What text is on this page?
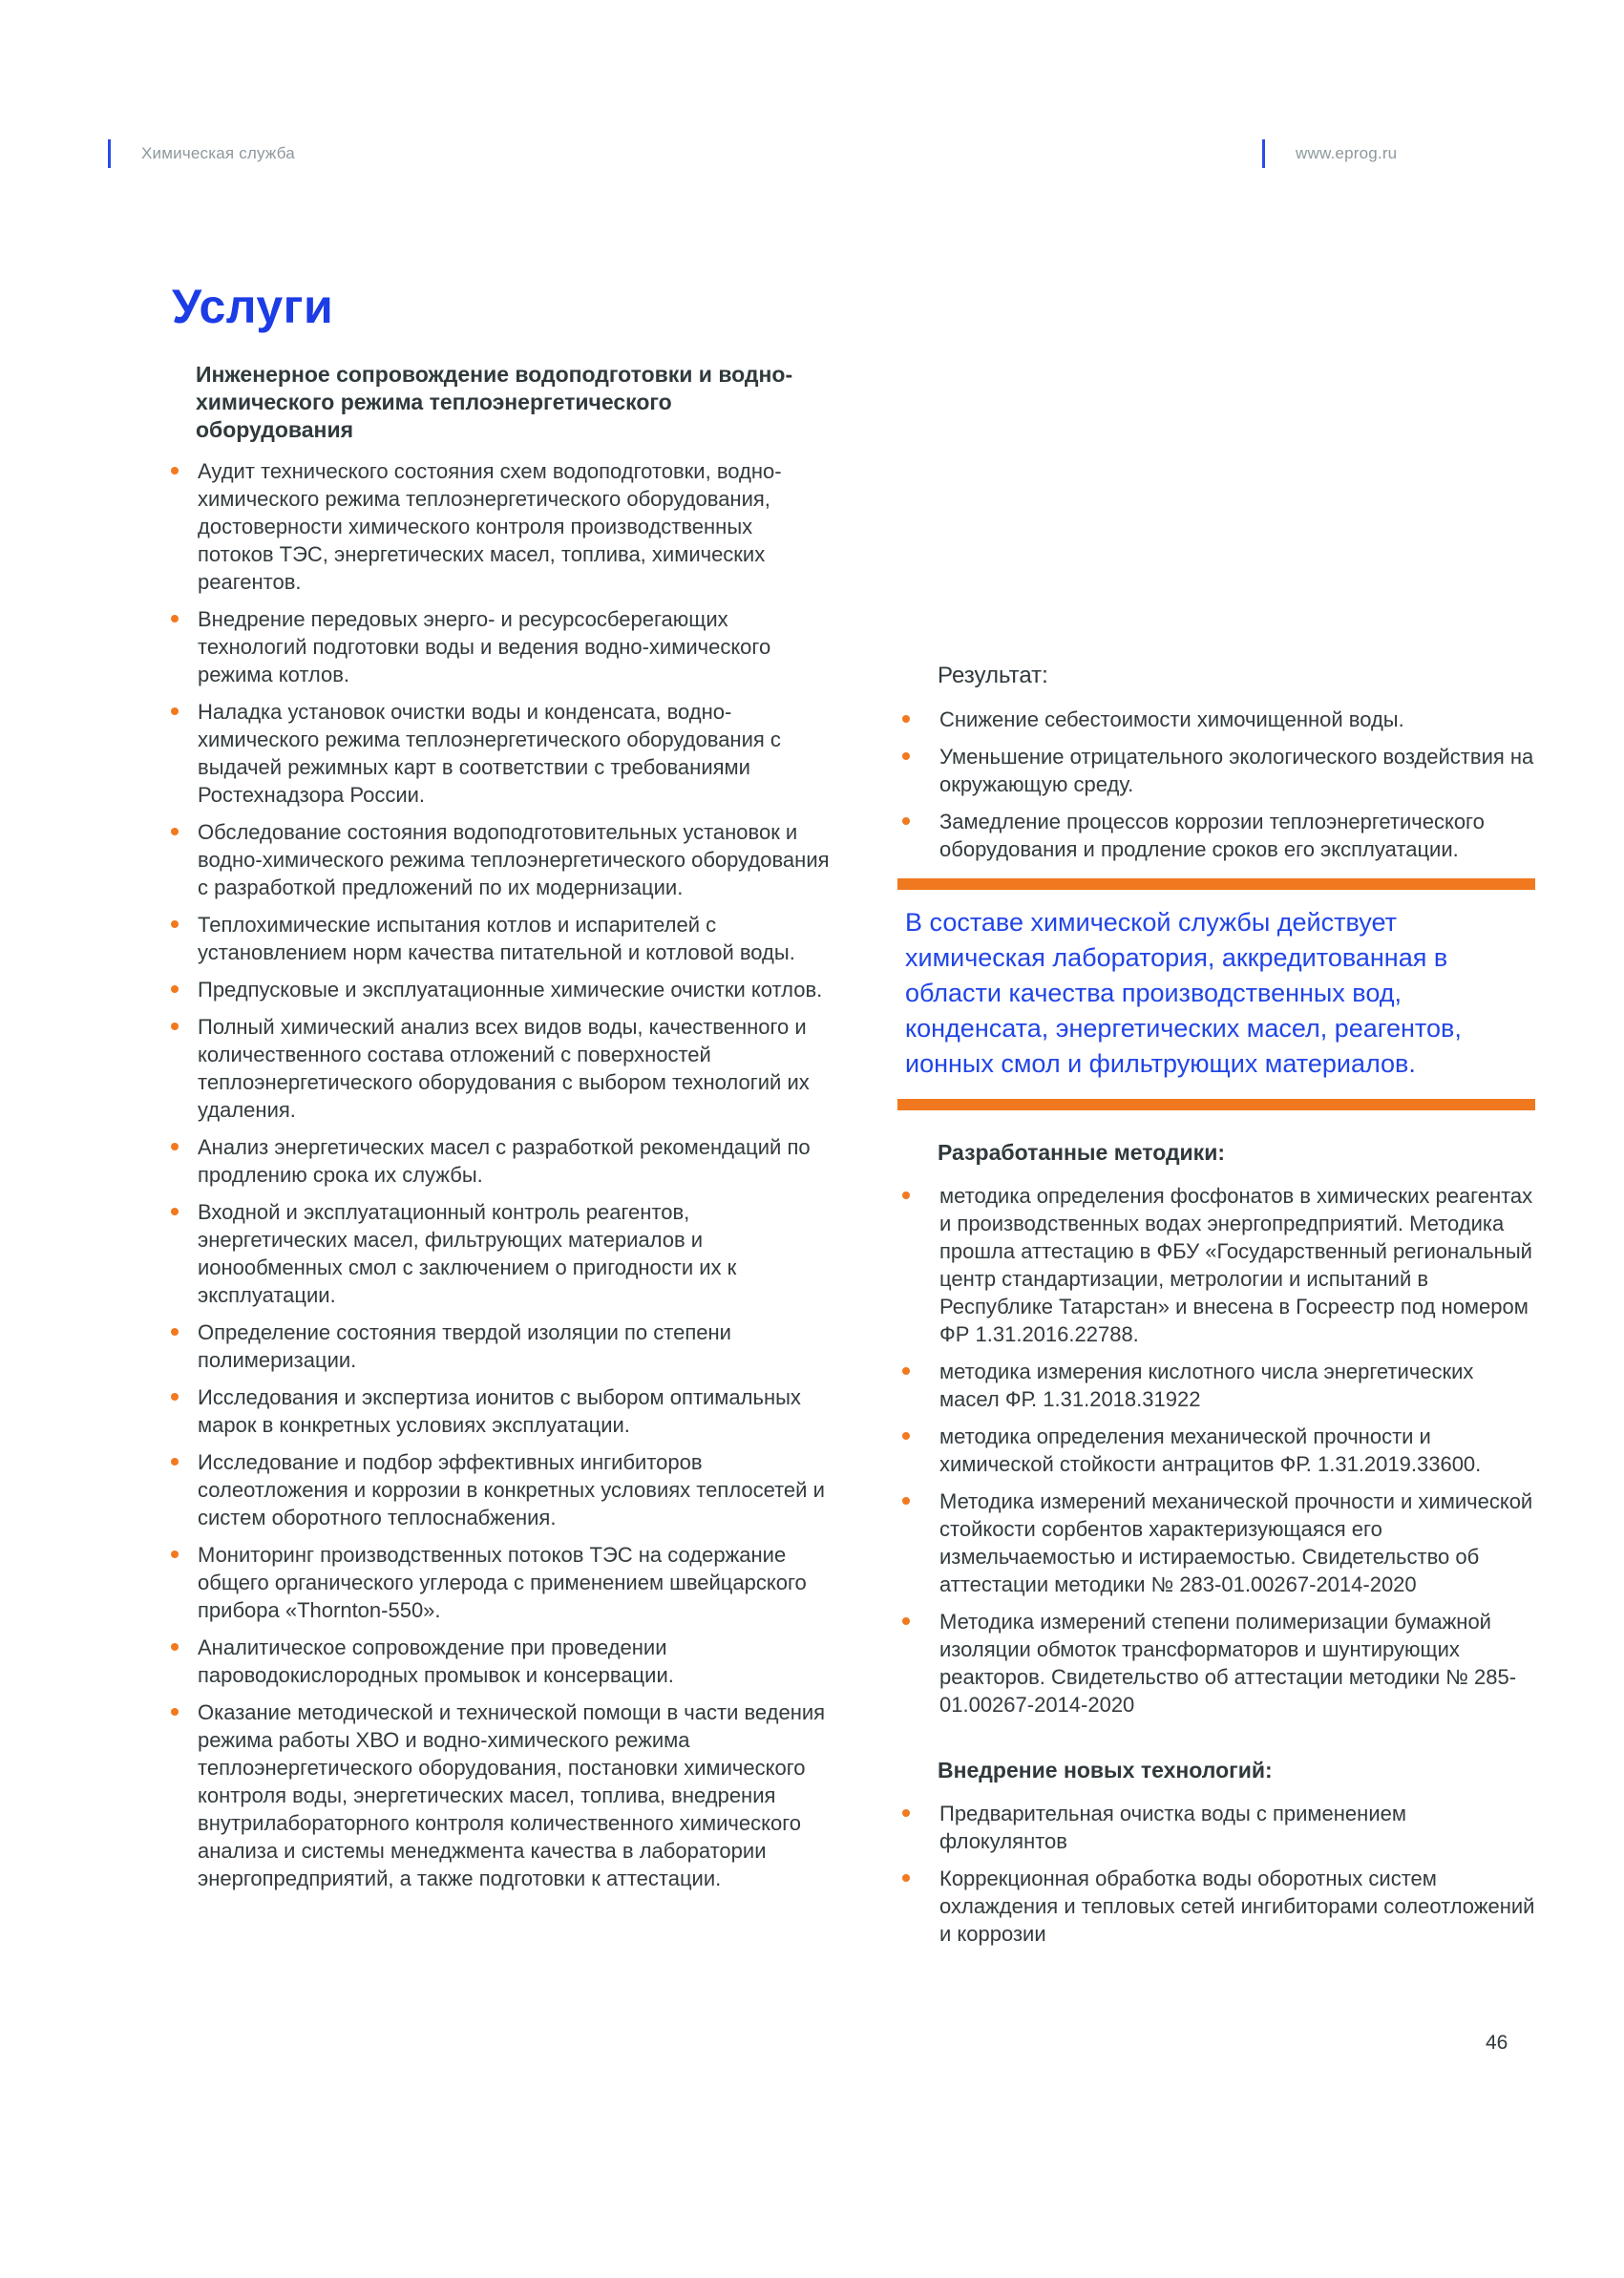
Химическая служба	www.eprog.ru
Услуги
Инженерное сопровождение водоподготовки и водно-химического режима теплоэнергетического оборудования
Аудит технического состояния схем водоподготовки, водно-химического режима теплоэнергетического оборудования, достоверности химического контроля производственных потоков ТЭС, энергетических масел, топлива, химических реагентов.
Внедрение передовых энерго- и ресурсосберегающих технологий подготовки воды и ведения водно-химического режима котлов.
Наладка установок очистки воды и конденсата, водно-химического режима теплоэнергетического оборудования с выдачей режимных карт в соответствии с требованиями Ростехнадзора России.
Обследование состояния водоподготовительных установок и водно-химического режима теплоэнергетического оборудования с разработкой предложений по их модернизации.
Теплохимические испытания котлов и испарителей с установлением норм качества питательной и котловой воды.
Предпусковые и эксплуатационные химические очистки котлов.
Полный химический анализ всех видов воды, качественного и количественного состава отложений с поверхностей теплоэнергетического оборудования с выбором технологий их удаления.
Анализ энергетических масел с разработкой рекомендаций по продлению срока их службы.
Входной и эксплуатационный контроль реагентов, энергетических масел, фильтрующих материалов и ионообменных смол с заключением о пригодности их к эксплуатации.
Определение состояния твердой изоляции по степени полимеризации.
Исследования и экспертиза ионитов с выбором оптимальных марок в конкретных условиях эксплуатации.
Исследование и подбор эффективных ингибиторов солеотложения и коррозии в конкретных условиях теплосетей и систем оборотного теплоснабжения.
Мониторинг производственных потоков ТЭС на содержание общего органического углерода с применением швейцарского прибора «Thornton-550».
Аналитическое сопровождение при проведении пароводокислородных промывок и консервации.
Оказание методической и технической помощи в части ведения режима работы ХВО и водно-химического режима теплоэнергетического оборудования, постановки химического контроля воды, энергетических масел, топлива, внедрения внутрилабораторного контроля количественного химического анализа и системы менеджмента качества в лаборатории энергопредприятий, а также подготовки к аттестации.
Результат:
Снижение себестоимости химочищенной воды.
Уменьшение отрицательного экологического воздействия на окружающую среду.
Замедление процессов коррозии теплоэнергетического оборудования и продление сроков его эксплуатации.
В составе химической службы действует химическая лаборатория, аккредитованная в области качества производственных вод, конденсата, энергетических масел, реагентов, ионных смол и фильтрующих материалов.
Разработанные методики:
методика определения фосфонатов в химических реагентах и производственных водах энергопредприятий. Методика прошла аттестацию в ФБУ «Государственный региональный центр стандартизации, метрологии и испытаний в Республике Татарстан» и внесена в Госреестр под номером ФР 1.31.2016.22788.
методика измерения кислотного числа энергетических масел ФР. 1.31.2018.31922
методика определения механической прочности и химической стойкости антрацитов ФР. 1.31.2019.33600.
Методика измерений механической прочности и химической стойкости сорбентов характеризующаяся его измельчаемостью и истираемостью. Свидетельство об аттестации методики № 283-01.00267-2014-2020
Методика измерений степени полимеризации бумажной изоляции обмоток трансформаторов и шунтирующих реакторов. Свидетельство об аттестации методики № 285-01.00267-2014-2020
Внедрение новых технологий:
Предварительная очистка воды с применением флокулянтов
Коррекционная обработка воды оборотных систем охлаждения и тепловых сетей ингибиторами солеотложений и коррозии
46
